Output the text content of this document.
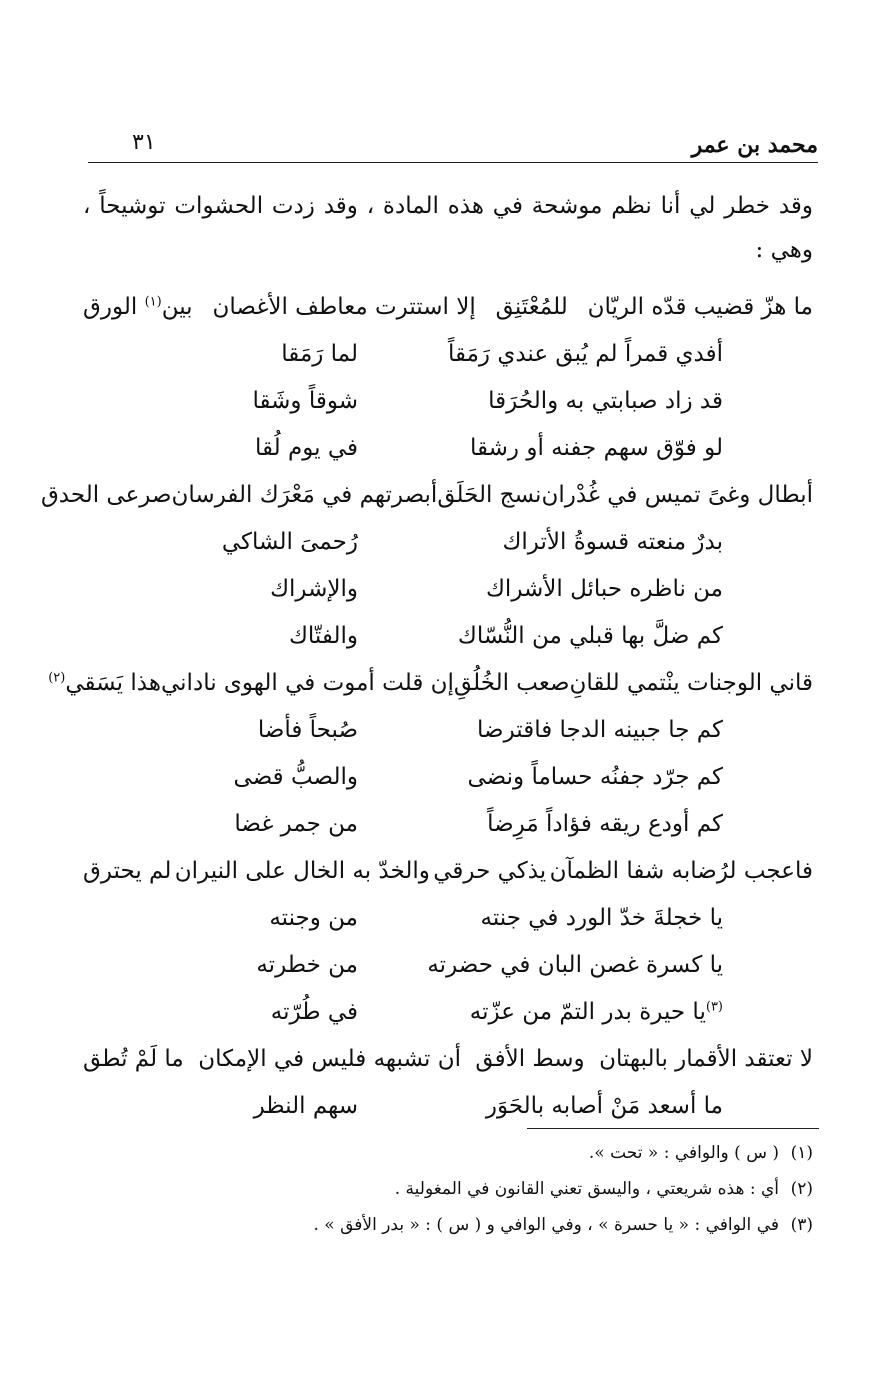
محمد بن عمر
٣١

وقد خطر لي أنا نظم موشحة في هذه المادة ، وقد زدت الحشوات توشيحاً ، وهي :

ما هزّ قضيب قدّه الريّان
للمُعْتَنِق
إلا استترت معاطف الأغصان
بين$^{(١)}$ الورق
أفدي قمراً لم يُبق عندي رَمَقاً
لما رَمَقا
قد زاد صبابتي به والحُرَقا
شوقاً وشَقا
لو فوّق سهم جفنه أو رشقا
في يوم لُقا
أبطال وغىً تميس في غُدْران
نسج الحَلَق
أبصرتهم في مَعْرَك الفرسان
صرعى الحدق
بدرٌ منعته قسوةُ الأتراك
رُحمىَ الشاكي
من ناظره حبائل الأشراك
والإشراك
كم ضلَّ بها قبلي من النُّسّاك
والفتّاك
قاني الوجنات ينْتمي للقانِ
صعب الخُلُقِ
إن قلت أموت في الهوى ناداني
هذا يَسَقي$^{(٢)}$
كم جا جبينه الدجا فاقترضا
صُبحاً فأضا
كم جرّد جفنُه حساماً ونضى
والصبُّ قضى
كم أودع ريقه فؤاداً مَرِضاً
من جمر غضا
فاعجب لرُضابه شفا الظمآن
يذكي حرقي
والخدّ به الخال على النيران
لم يحترق
يا خجلةَ خدّ الورد في جنته
من وجنته
يا كسرة غصن البان في حضرته
من خطرته
$^{(٣)}$
يا حيرة بدر التمّ من عزّته
في طُرّته
لا تعتقد الأقمار بالبهتان
وسط الأفق
أن تشبهه فليس في الإمكان
ما لَمْ تُطق
ما أسعد مَنْ أصابه بالحَوَر
سهم النظر
(١)( س ) والوافي : « تحت ».
(٢)أي : هذه شريعتي ، واليسق تعني القانون في المغولية .
(٣)في الوافي : « يا حسرة » ، وفي الوافي و ( س ) : « بدر الأفق » .
